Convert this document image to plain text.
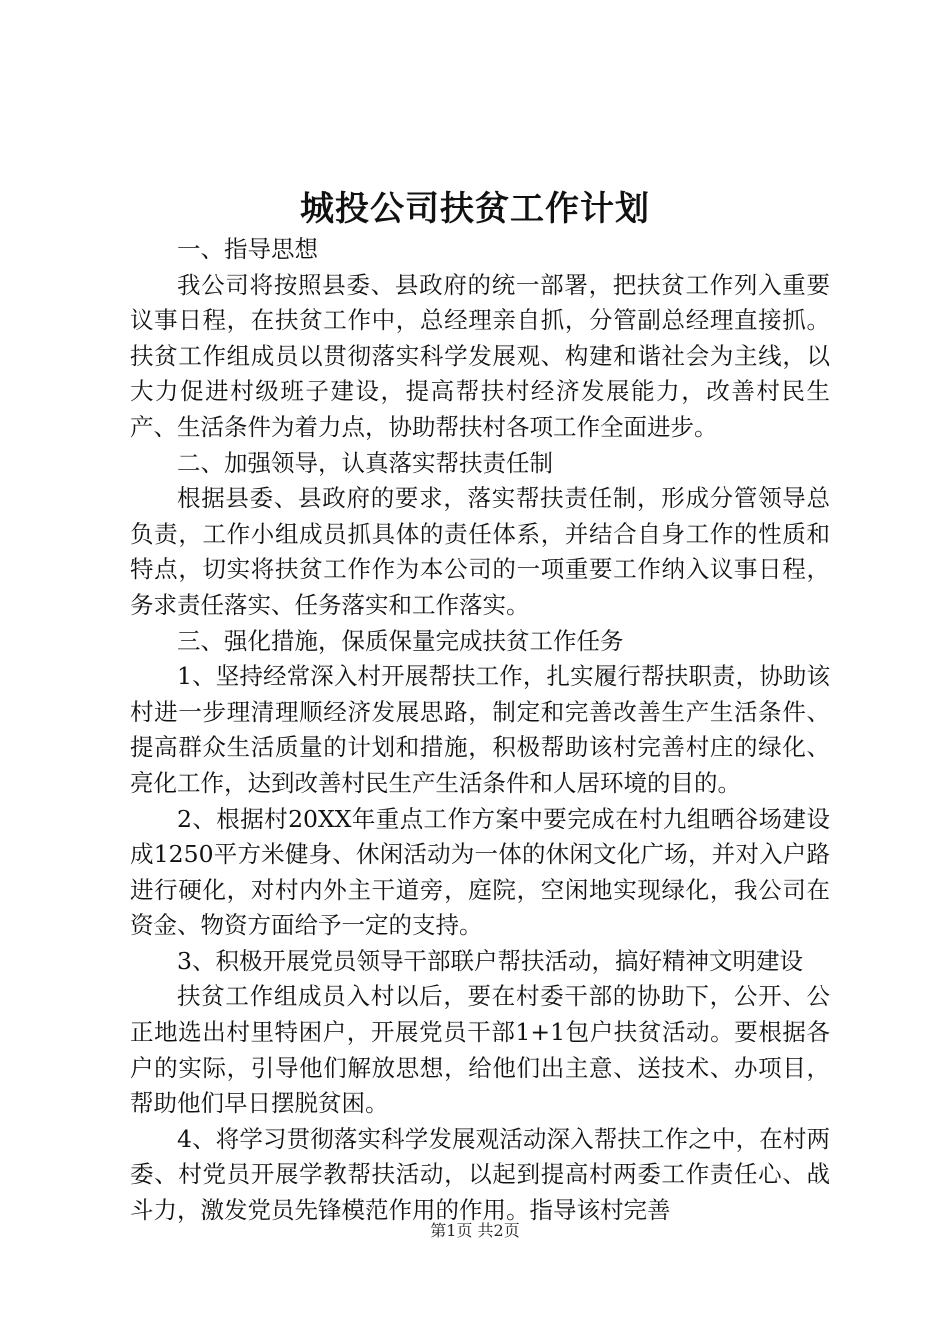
城投公司扶贫工作计划

一、指导思想

我公司将按照县委、县政府的统一部署，把扶贫工作列入重要议事日程，在扶贫工作中，总经理亲自抓，分管副总经理直接抓。扶贫工作组成员以贯彻落实科学发展观、构建和谐社会为主线，以大力促进村级班子建设，提高帮扶村经济发展能力，改善村民生产、生活条件为着力点，协助帮扶村各项工作全面进步。

二、加强领导，认真落实帮扶责任制

根据县委、县政府的要求，落实帮扶责任制，形成分管领导总负责，工作小组成员抓具体的责任体系，并结合自身工作的性质和特点，切实将扶贫工作作为本公司的一项重要工作纳入议事日程，务求责任落实、任务落实和工作落实。

三、强化措施，保质保量完成扶贫工作任务

1、坚持经常深入村开展帮扶工作，扎实履行帮扶职责，协助该村进一步理清理顺经济发展思路，制定和完善改善生产生活条件、提高群众生活质量的计划和措施，积极帮助该村完善村庄的绿化、亮化工作，达到改善村民生产生活条件和人居环境的目的。

2、根据村20XX年重点工作方案中要完成在村九组晒谷场建设成1250平方米健身、休闲活动为一体的休闲文化广场，并对入户路进行硬化，对村内外主干道旁，庭院，空闲地实现绿化，我公司在资金、物资方面给予一定的支持。

3、积极开展党员领导干部联户帮扶活动，搞好精神文明建设

扶贫工作组成员入村以后，要在村委干部的协助下，公开、公正地选出村里特困户，开展党员干部1+1包户扶贫活动。要根据各户的实际，引导他们解放思想，给他们出主意、送技术、办项目，帮助他们早日摆脱贫困。

4、将学习贯彻落实科学发展观活动深入帮扶工作之中，在村两委、村党员开展学教帮扶活动，以起到提高村两委工作责任心、战斗力，激发党员先锋模范作用的作用。指导该村完善

第1页 共2页
